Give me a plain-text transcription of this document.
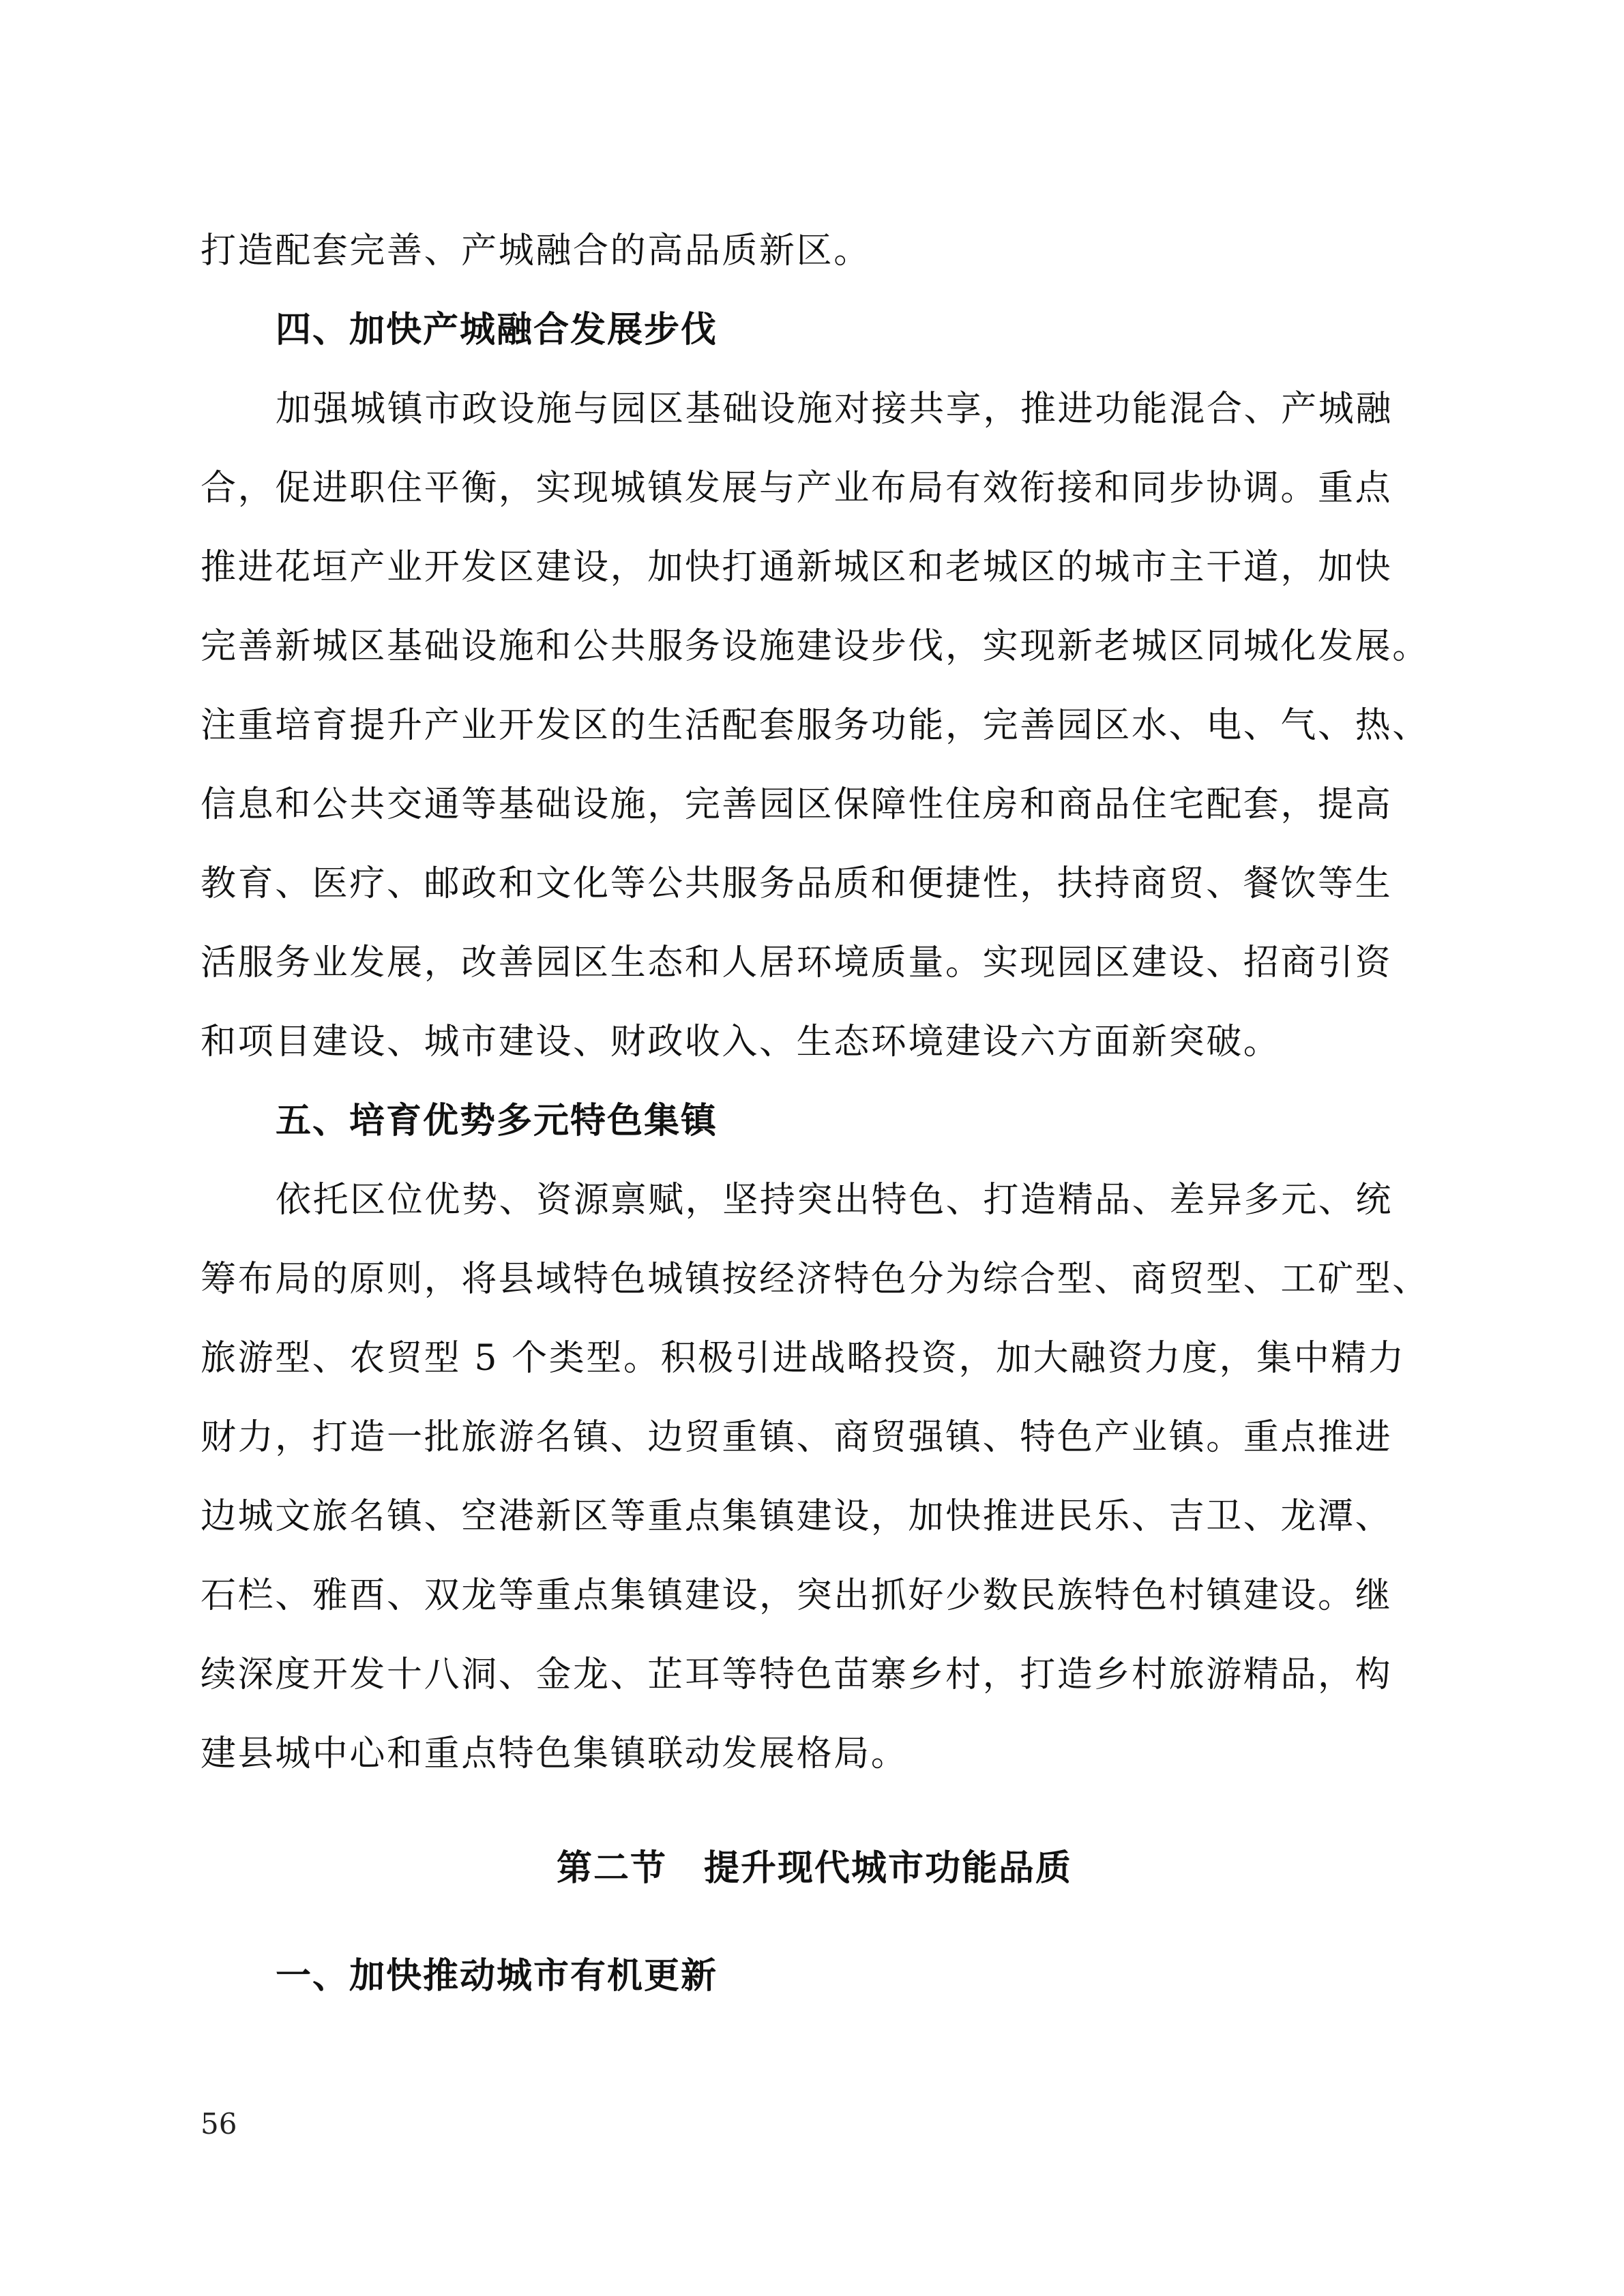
打造配套完善、产城融合的高品质新区。
四、加快产城融合发展步伐
加强城镇市政设施与园区基础设施对接共享，推进功能混合、产城融
合，促进职住平衡，实现城镇发展与产业布局有效衔接和同步协调。重点
推进花垣产业开发区建设，加快打通新城区和老城区的城市主干道，加快
完善新城区基础设施和公共服务设施建设步伐，实现新老城区同城化发展。
注重培育提升产业开发区的生活配套服务功能，完善园区水、电、气、热、
信息和公共交通等基础设施，完善园区保障性住房和商品住宅配套，提高
教育、医疗、邮政和文化等公共服务品质和便捷性，扶持商贸、餐饮等生
活服务业发展，改善园区生态和人居环境质量。实现园区建设、招商引资
和项目建设、城市建设、财政收入、生态环境建设六方面新突破。
五、培育优势多元特色集镇
依托区位优势、资源禀赋，坚持突出特色、打造精品、差异多元、统
筹布局的原则，将县域特色城镇按经济特色分为综合型、商贸型、工矿型、
旅游型、农贸型 5 个类型。积极引进战略投资，加大融资力度，集中精力
财力，打造一批旅游名镇、边贸重镇、商贸强镇、特色产业镇。重点推进
边城文旅名镇、空港新区等重点集镇建设，加快推进民乐、吉卫、龙潭、
石栏、雅酉、双龙等重点集镇建设，突出抓好少数民族特色村镇建设。继
续深度开发十八洞、金龙、芷耳等特色苗寨乡村，打造乡村旅游精品，构
建县城中心和重点特色集镇联动发展格局。
第二节　提升现代城市功能品质
一、加快推动城市有机更新
56
